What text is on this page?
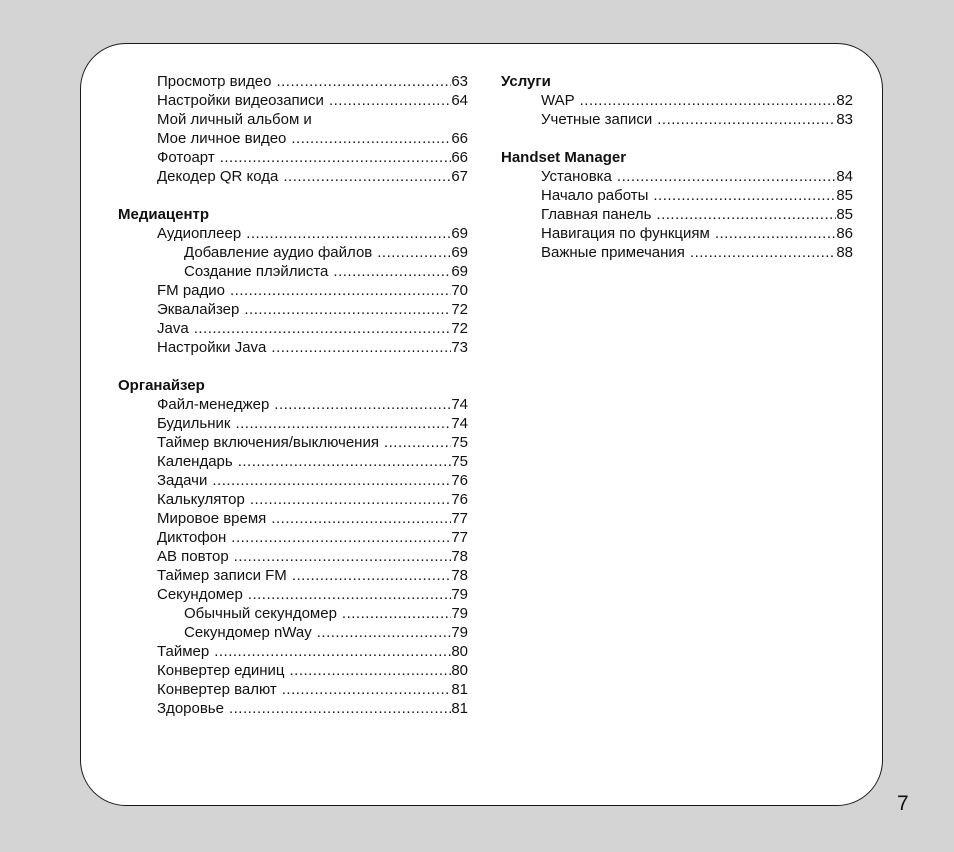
Просмотр видео .....	63
Настройки видеозаписи .....	64
Мой личный альбом и
Мое личное видео .....	66
Фотоарт .....	66
Декодер QR кода .....	67
Медиацентр
Аудиоплеер .....	69
Добавление аудио файлов .....	69
Создание плэйлиста .....	69
FM радио .....	70
Эквалайзер .....	72
Java .....	72
Настройки Java .....	73
Органайзер
Файл-менеджер .....	74
Будильник .....	74
Таймер включения/выключения .....	75
Календарь .....	75
Задачи .....	76
Калькулятор .....	76
Мировое время .....	77
Диктофон .....	77
АВ повтор .....	78
Таймер записи FM .....	78
Секундомер .....	79
Обычный секундомер .....	79
Секундомер nWay .....	79
Таймер .....	80
Конвертер единиц .....	80
Конвертер валют .....	81
Здоровье .....	81
Услуги
WAP .....	82
Учетные записи .....	83
Handset Manager
Установка .....	84
Начало работы .....	85
Главная панель .....	85
Навигация по функциям .....	86
Важные примечания .....	88
7
